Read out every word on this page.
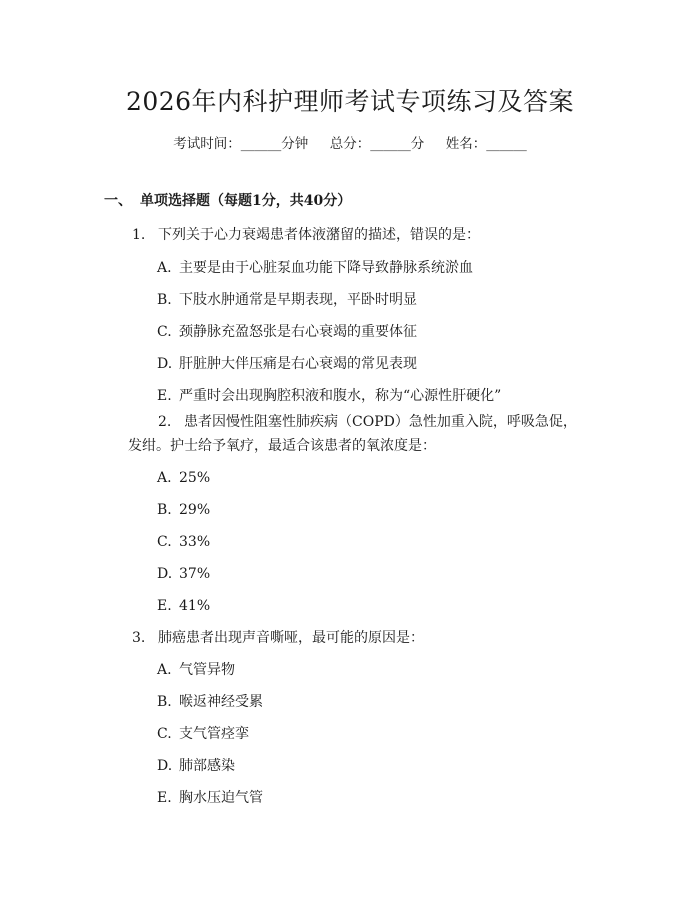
2026年内科护理师考试专项练习及答案
考试时间：______分钟     总分：______分     姓名：______
一、 单项选择题（每题1分，共40分）
1. 下列关于心力衰竭患者体液潴留的描述，错误的是：
A. 主要是由于心脏泵血功能下降导致静脉系统淤血
B. 下肢水肿通常是早期表现，平卧时明显
C. 颈静脉充盈怒张是右心衰竭的重要体征
D. 肝脏肿大伴压痛是右心衰竭的常见表现
E. 严重时会出现胸腔积液和腹水，称为“心源性肝硬化”
2. 患者因慢性阻塞性肺疾病（COPD）急性加重入院，呼吸急促，发绀。护士给予氧疗，最适合该患者的氧浓度是：
A. 25%
B. 29%
C. 33%
D. 37%
E. 41%
3. 肺癌患者出现声音嘶哑，最可能的原因是：
A. 气管异物
B. 喉返神经受累
C. 支气管痉挛
D. 肺部感染
E. 胸水压迫气管
